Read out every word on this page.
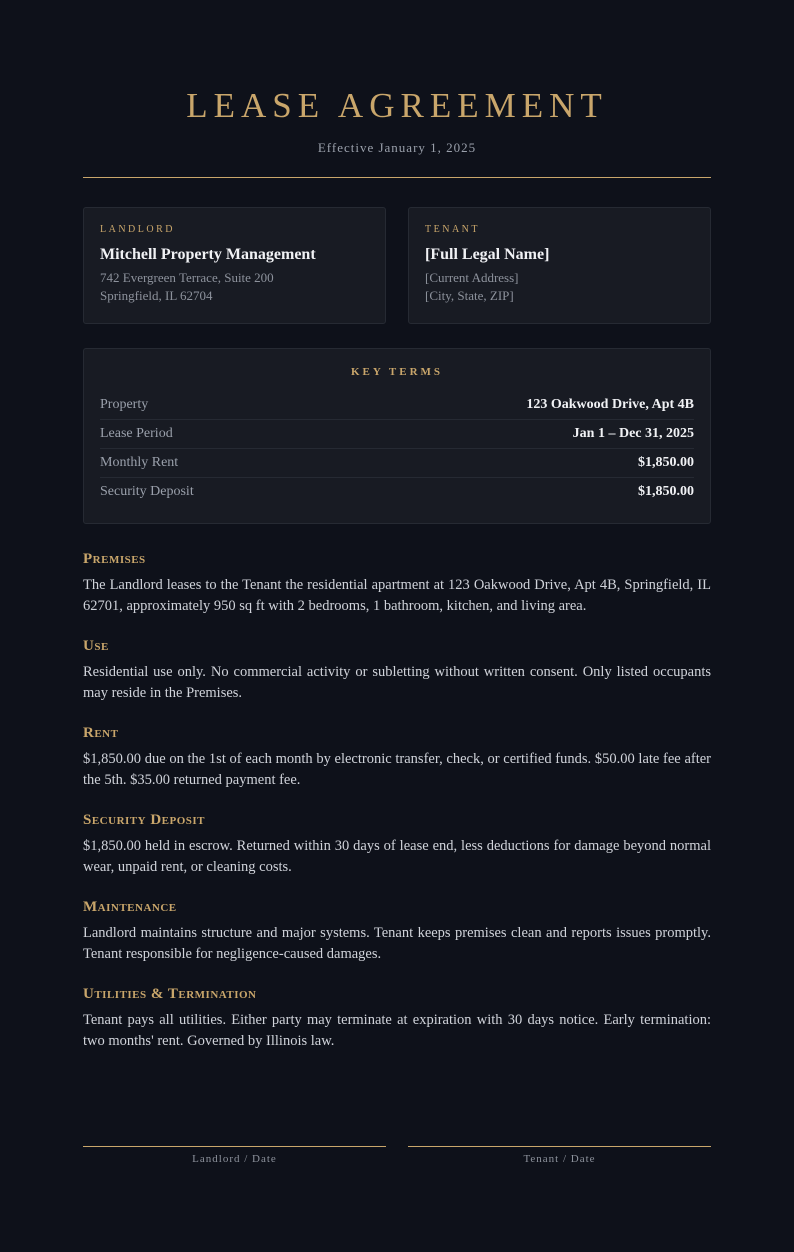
LEASE AGREEMENT
Effective January 1, 2025
LANDLORD
Mitchell Property Management
742 Evergreen Terrace, Suite 200
Springfield, IL 62704
TENANT
[Full Legal Name]
[Current Address]
[City, State, ZIP]
KEY TERMS
Property	123 Oakwood Drive, Apt 4B
Lease Period	Jan 1 – Dec 31, 2025
Monthly Rent	$1,850.00
Security Deposit	$1,850.00
Premises

The Landlord leases to the Tenant the residential apartment at 123 Oakwood Drive, Apt 4B, Springfield, IL 62701, approximately 950 sq ft with 2 bedrooms, 1 bathroom, kitchen, and living area.

Use

Residential use only. No commercial activity or subletting without written consent. Only listed occupants may reside in the Premises.

Rent

$1,850.00 due on the 1st of each month by electronic transfer, check, or certified funds. $50.00 late fee after the 5th. $35.00 returned payment fee.

Security Deposit

$1,850.00 held in escrow. Returned within 30 days of lease end, less deductions for damage beyond normal wear, unpaid rent, or cleaning costs.

Maintenance

Landlord maintains structure and major systems. Tenant keeps premises clean and reports issues promptly. Tenant responsible for negligence-caused damages.

Utilities & Termination

Tenant pays all utilities. Either party may terminate at expiration with 30 days notice. Early termination: two months' rent. Governed by Illinois law.

Landlord / Date	Tenant / Date
